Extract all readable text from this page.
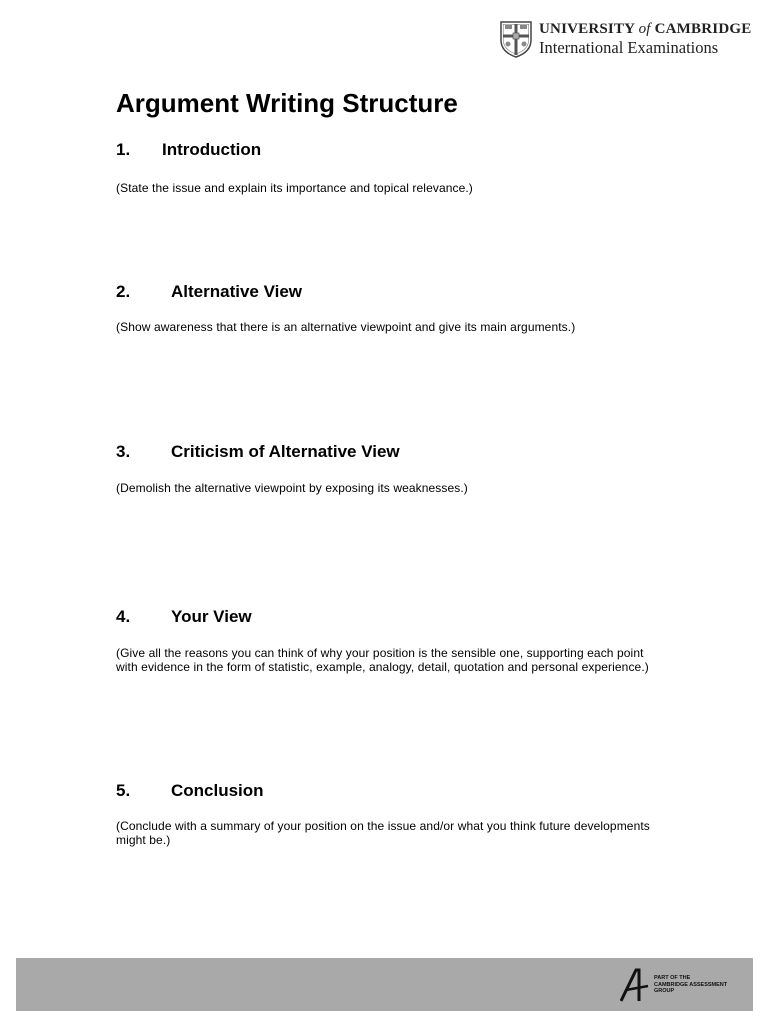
UNIVERSITY of CAMBRIDGE
International Examinations
Argument Writing Structure
1.	Introduction

(State the issue and explain its importance and topical relevance.)

2.	Alternative View

(Show awareness that there is an alternative viewpoint and give its main arguments.)

3.	Criticism of Alternative View

(Demolish the alternative viewpoint by exposing its weaknesses.)

4.	Your View

(Give all the reasons you can think of why your position is the sensible one, supporting each point with evidence in the form of statistic, example, analogy, detail, quotation and personal experience.)

5.	Conclusion

(Conclude with a summary of your position on the issue and/or what you think future developments might be.)

PART OF THE
CAMBRIDGE ASSESSMENT
GROUP
